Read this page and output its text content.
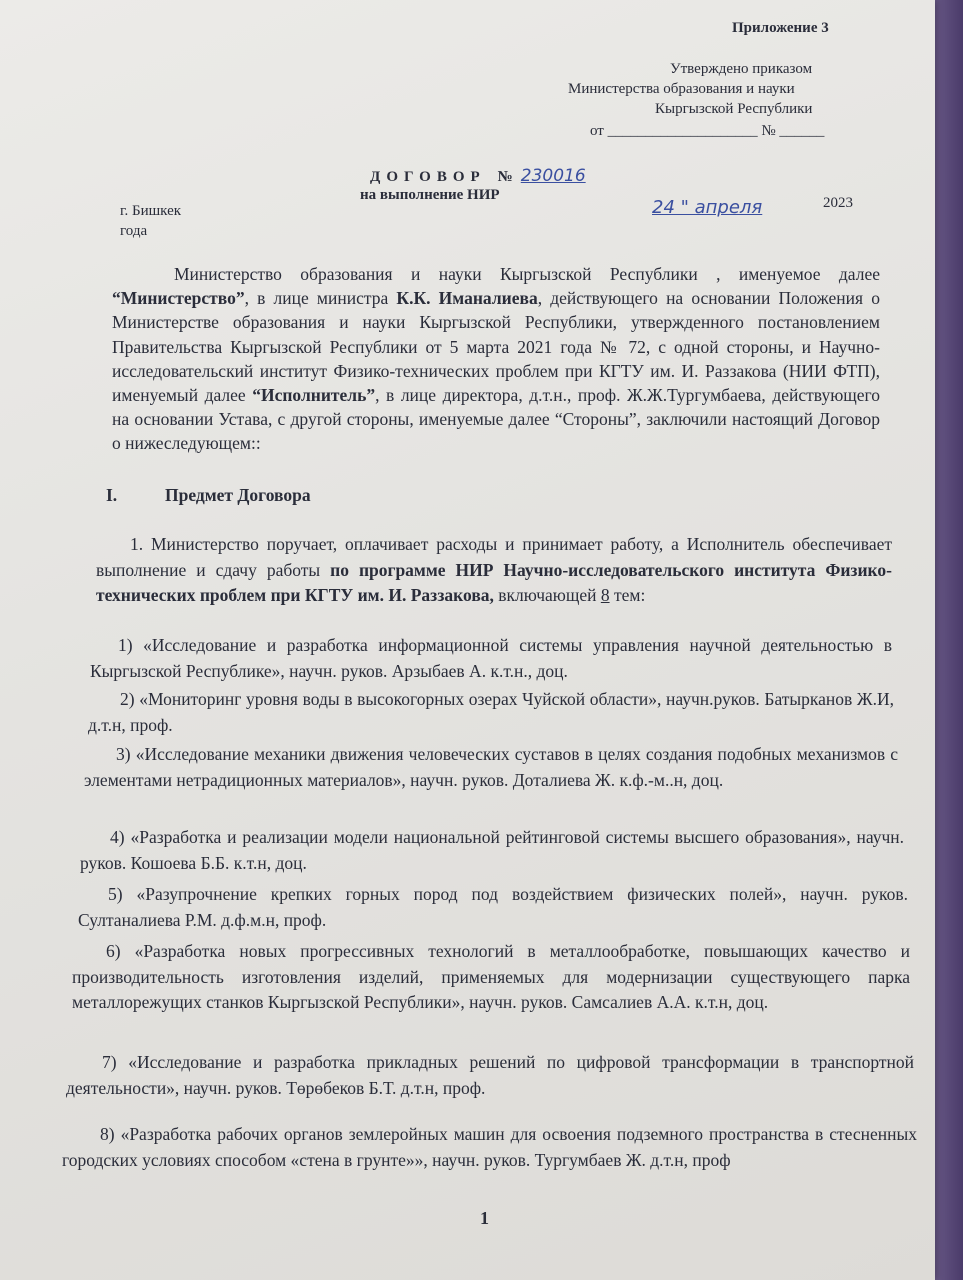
Приложение 3
Утверждено приказом
Министерства образования и науки
Кыргызской Республики
от ____________________ № ______
ДОГОВОР № 230016
на выполнение НИР
г. Бишкек	24 " апреля	2023
года

Министерство образования и науки Кыргызской Республики , именуемое далее “Министерство”, в лице министра К.К. Иманалиева, действующего на основании Положения о Министерстве образования и науки Кыргызской Республики, утвержденного постановлением Правительства Кыргызской Республики от 5 марта 2021 года № 72, с одной стороны, и Научно-исследовательский институт Физико-технических проблем при КГТУ им. И. Раззакова (НИИ ФТП), именуемый далее “Исполнитель”, в лице директора, д.т.н., проф. Ж.Ж.Тургумбаева, действующего на основании Устава, с другой стороны, именуемые далее “Стороны”, заключили настоящий Договор о нижеследующем::

I.	Предмет Договора

1. Министерство поручает, оплачивает расходы и принимает работу, а Исполнитель обеспечивает выполнение и сдачу работы по программе НИР Научно-исследовательского института Физико-технических проблем при КГТУ им. И. Раззакова, включающей 8 тем:

1) «Исследование и разработка информационной системы управления научной деятельностью в Кыргызской Республике», научн. руков. Арзыбаев А. к.т.н., доц.

2) «Мониторинг уровня воды в высокогорных озерах Чуйской области», научн.руков. Батырканов Ж.И, д.т.н, проф.

3) «Исследование механики движения человеческих суставов в целях создания подобных механизмов с элементами нетрадиционных материалов», научн. руков. Доталиева Ж. к.ф.-м..н, доц.

4) «Разработка и реализации модели национальной рейтинговой системы высшего образования», научн. руков. Кошоева Б.Б. к.т.н, доц.

5) «Разупрочнение крепких горных пород под воздействием физических полей», научн. руков. Султаналиева Р.М. д.ф.м.н, проф.

6) «Разработка новых прогрессивных технологий в металлообработке, повышающих качество и производительность изготовления изделий, применяемых для модернизации существующего парка металлорежущих станков Кыргызской Республики», научн. руков. Самсалиев А.А. к.т.н, доц.

7) «Исследование и разработка прикладных решений по цифровой трансформации в транспортной деятельности», научн. руков. Төрөбеков Б.Т. д.т.н, проф.

8) «Разработка рабочих органов землеройных машин для освоения подземного пространства в стесненных городских условиях способом «стена в грунте»», научн. руков. Тургумбаев Ж. д.т.н, проф

1
